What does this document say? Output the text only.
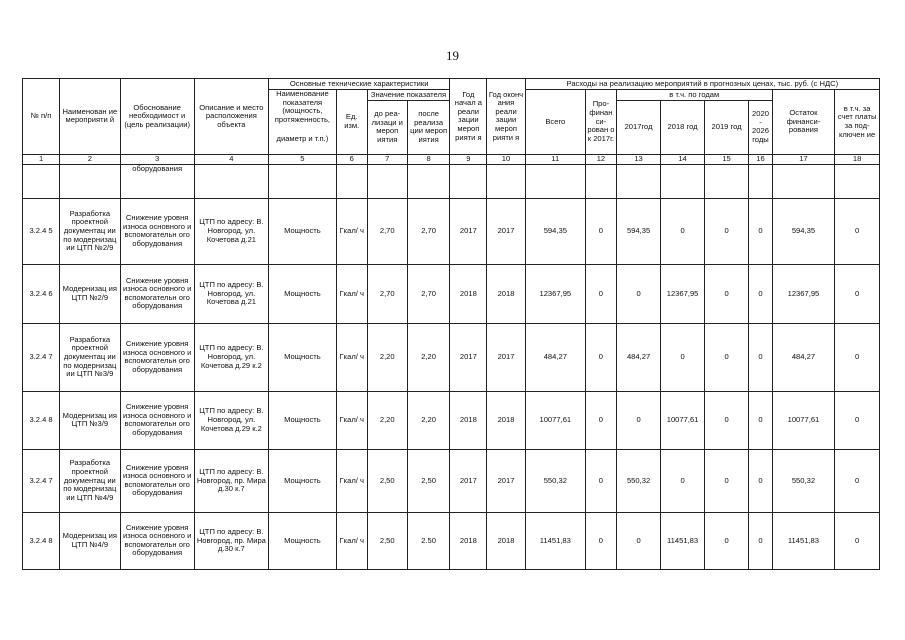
19
№ п/п	Наименован ие мероприяти й	Обоснование необходимост и (цель реализации)	Описание и место расположения объекта	Основные технические характеристики				Год начал а реали зации мероп рияти я	Год оконч ания реали зации мероп рияти я	Расходы на реализацию мероприятий в прогнозных ценах, тыс. руб. (с НДС)							
				Наименование показателя (мощность, протяженность,	Ед. изм.	Значение показателя				Всего	Про-финан си-рован о к 2017г.	в т.ч. по годам				Остаток финанси-рования	в т.ч. за счет платы за под-ключен ие
						до реа-лизаци и мероп иятия	после реализа ции мероп иятия					2017год	2018 год	2019 год	2020 - 2026 годы		
				диаметр и т.п.)													
1	2	3	4	5	6	7	8	9	10	11	12	13	14	15	16	17	18
		оборудования															
3.2.4 5	Разработка проектной документац ии по модернизац ии ЦТП №2/9	Снижение уровня износа основного и вспомогательн ого оборудования	ЦТП по адресу: В. Новгород, ул. Кочетова д.21	Мощность	Гкал/ ч	2,70	2,70	2017	2017	594,35	0	594,35	0	0	0	594,35	0
3.2.4 6	Модернизац ия ЦТП №2/9	Снижение уровня износа основного и вспомогательн ого оборудования	ЦТП по адресу: В. Новгород, ул. Кочетова д.21	Мощность	Гкал/ ч	2,70	2,70	2018	2018	12367,95	0	0	12367,95	0	0	12367,95	0
3.2.4 7	Разработка проектной документац ии по модернизац ии ЦТП №3/9	Снижение уровня износа основного и вспомогательн ого оборудования	ЦТП по адресу: В. Новгород, ул. Кочетова д.29 к.2	Мощность	Гкал/ ч	2,20	2,20	2017	2017	484,27	0	484,27	0	0	0	484,27	0
3.2.4 8	Модернизац ия ЦТП №3/9	Снижение уровня износа основного и вспомогательн ого оборудования	ЦТП по адресу: В. Новгород, ул. Кочетова д.29 к.2	Мощность	Гкал/ ч	2,20	2,20	2018	2018	10077,61	0	0	10077,61	0	0	10077,61	0
3.2.4 7	Разработка проектной документац ии по модернизац ии ЦТП №4/9	Снижение уровня износа основного и вспомогательн ого оборудования	ЦТП по адресу: В. Новгород, пр. Мира д.30 к.7	Мощность	Гкал/ ч	2,50	2,50	2017	2017	550,32	0	550,32	0	0	0	550,32	0
3.2.4 8	Модернизац ия ЦТП №4/9	Снижение уровня износа основного и вспомогательн ого оборудования	ЦТП по адресу: В. Новгород, пр. Мира д.30 к.7	Мощность	Гкал/ ч	2,50	2.50	2018	2018	11451,83	0	0	11451,83	0	0	11451,83	0
